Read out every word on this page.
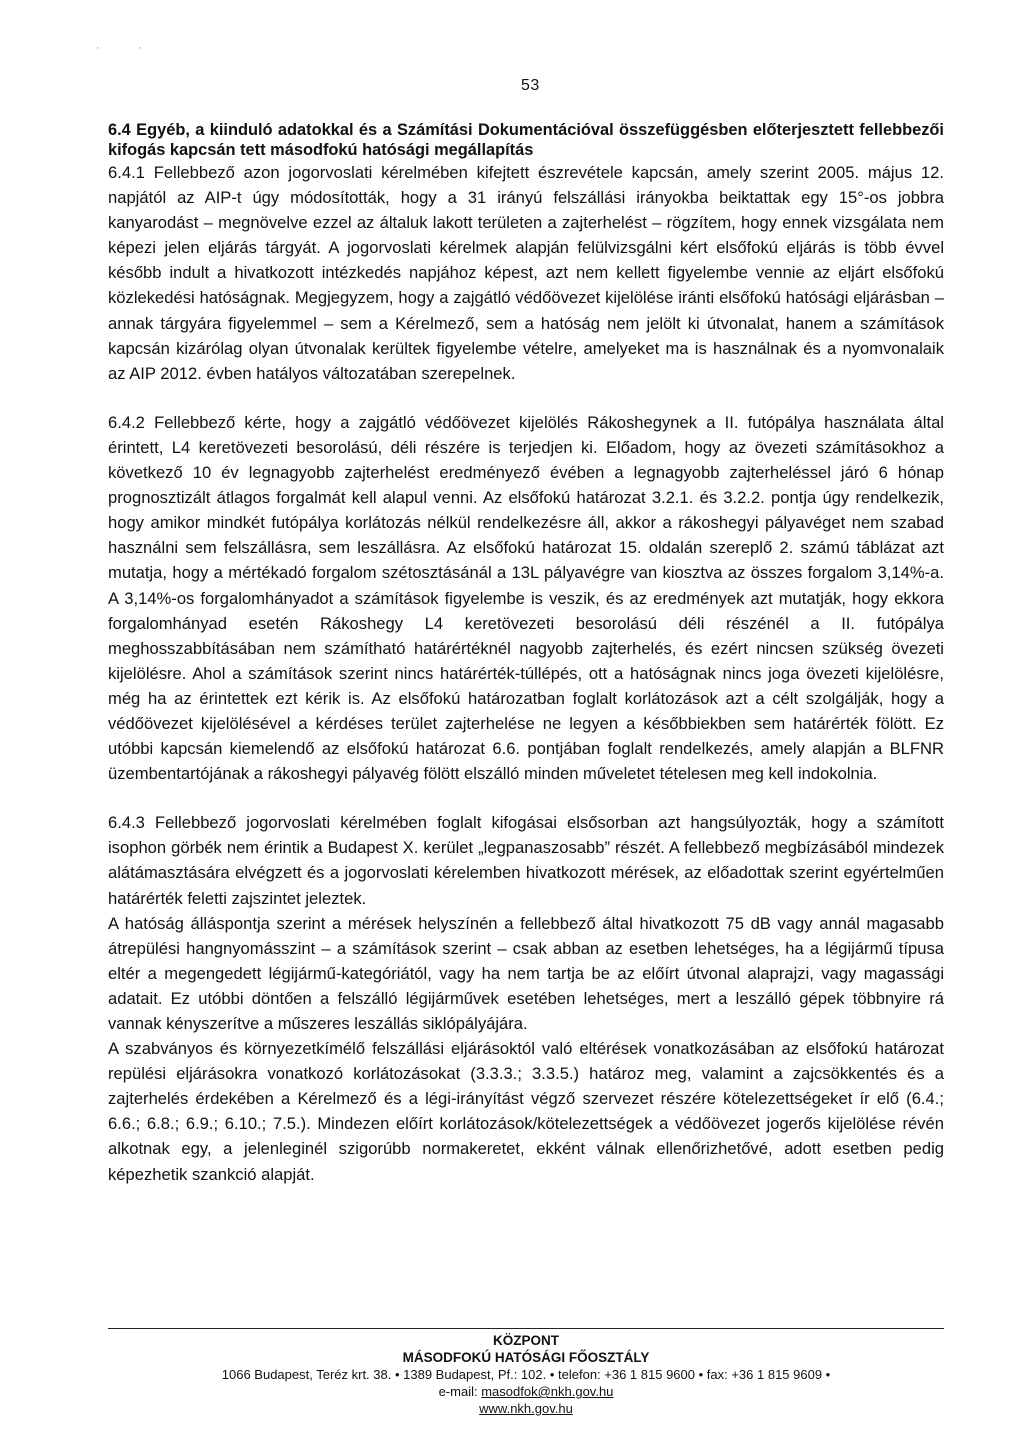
·	·
53

6.4 Egyéb, a kiinduló adatokkal és a Számítási Dokumentációval összefüggésben előterjesztett fellebbezői kifogás kapcsán tett másodfokú hatósági megállapítás

6.4.1 Fellebbező azon jogorvoslati kérelmében kifejtett észrevétele kapcsán, amely szerint 2005. május 12. napjától az AIP-t úgy módosították, hogy a 31 irányú felszállási irányokba beiktattak egy 15°-os jobbra kanyarodást – megnövelve ezzel az általuk lakott területen a zajterhelést – rögzítem, hogy ennek vizsgálata nem képezi jelen eljárás tárgyát. A jogorvoslati kérelmek alapján felülvizsgálni kért elsőfokú eljárás is több évvel később indult a hivatkozott intézkedés napjához képest, azt nem kellett figyelembe vennie az eljárt elsőfokú közlekedési hatóságnak. Megjegyzem, hogy a zajgátló védőövezet kijelölése iránti elsőfokú hatósági eljárásban – annak tárgyára figyelemmel – sem a Kérelmező, sem a hatóság nem jelölt ki útvonalat, hanem a számítások kapcsán kizárólag olyan útvonalak kerültek figyelembe vételre, amelyeket ma is használnak és a nyomvonalaik az AIP 2012. évben hatályos változatában szerepelnek.

6.4.2 Fellebbező kérte, hogy a zajgátló védőövezet kijelölés Rákoshegynek a II. futópálya használata által érintett, L4 keretövezeti besorolású, déli részére is terjedjen ki. Előadom, hogy az övezeti számításokhoz a következő 10 év legnagyobb zajterhelést eredményező évében a legnagyobb zajterheléssel járó 6 hónap prognosztizált átlagos forgalmát kell alapul venni. Az elsőfokú határozat 3.2.1. és 3.2.2. pontja úgy rendelkezik, hogy amikor mindkét futópálya korlátozás nélkül rendelkezésre áll, akkor a rákoshegyi pályavéget nem szabad használni sem felszállásra, sem leszállásra. Az elsőfokú határozat 15. oldalán szereplő 2. számú táblázat azt mutatja, hogy a mértékadó forgalom szétosztásánál a 13L pályavégre van kiosztva az összes forgalom 3,14%-a. A 3,14%-os forgalomhányadot a számítások figyelembe is veszik, és az eredmények azt mutatják, hogy ekkora forgalomhányad esetén Rákoshegy L4 keretövezeti besorolású déli részénél a II. futópálya meghosszabbításában nem számítható határértéknél nagyobb zajterhelés, és ezért nincsen szükség övezeti kijelölésre. Ahol a számítások szerint nincs határérték-túllépés, ott a hatóságnak nincs joga övezeti kijelölésre, még ha az érintettek ezt kérik is. Az elsőfokú határozatban foglalt korlátozások azt a célt szolgálják, hogy a védőövezet kijelölésével a kérdéses terület zajterhelése ne legyen a későbbiekben sem határérték fölött. Ez utóbbi kapcsán kiemelendő az elsőfokú határozat 6.6. pontjában foglalt rendelkezés, amely alapján a BLFNR üzembentartójának a rákoshegyi pályavég fölött elszálló minden műveletet tételesen meg kell indokolnia.

6.4.3 Fellebbező jogorvoslati kérelmében foglalt kifogásai elsősorban azt hangsúlyozták, hogy a számított isophon görbék nem érintik a Budapest X. kerület „legpanaszosabb” részét. A fellebbező megbízásából mindezek alátámasztására elvégzett és a jogorvoslati kérelemben hivatkozott mérések, az előadottak szerint egyértelműen határérték feletti zajszintet jeleztek.

A hatóság álláspontja szerint a mérések helyszínén a fellebbező által hivatkozott 75 dB vagy annál magasabb átrepülési hangnyomásszint – a számítások szerint – csak abban az esetben lehetséges, ha a légijármű típusa eltér a megengedett légijármű-kategóriától, vagy ha nem tartja be az előírt útvonal alaprajzi, vagy magassági adatait. Ez utóbbi döntően a felszálló légijárművek esetében lehetséges, mert a leszálló gépek többnyire rá vannak kényszerítve a műszeres leszállás siklópályájára.

A szabványos és környezetkímélő felszállási eljárásoktól való eltérések vonatkozásában az elsőfokú határozat repülési eljárásokra vonatkozó korlátozásokat (3.3.3.; 3.3.5.) határoz meg, valamint a zajcsökkentés és a zajterhelés érdekében a Kérelmező és a légi-irányítást végző szervezet részére kötelezettségeket ír elő (6.4.; 6.6.; 6.8.; 6.9.; 6.10.; 7.5.). Mindezen előírt korlátozások/kötelezettségek a védőövezet jogerős kijelölése révén alkotnak egy, a jelenleginél szigorúbb normakeretet, ekként válnak ellenőrizhetővé, adott esetben pedig képezhetik szankció alapját.

KÖZPONT
MÁSODFOKÚ HATÓSÁGI FŐOSZTÁLY
1066 Budapest, Teréz krt. 38. • 1389 Budapest, Pf.: 102. • telefon: +36 1 815 9600 • fax: +36 1 815 9609 •
e-mail: masodfok@nkh.gov.hu
www.nkh.gov.hu
